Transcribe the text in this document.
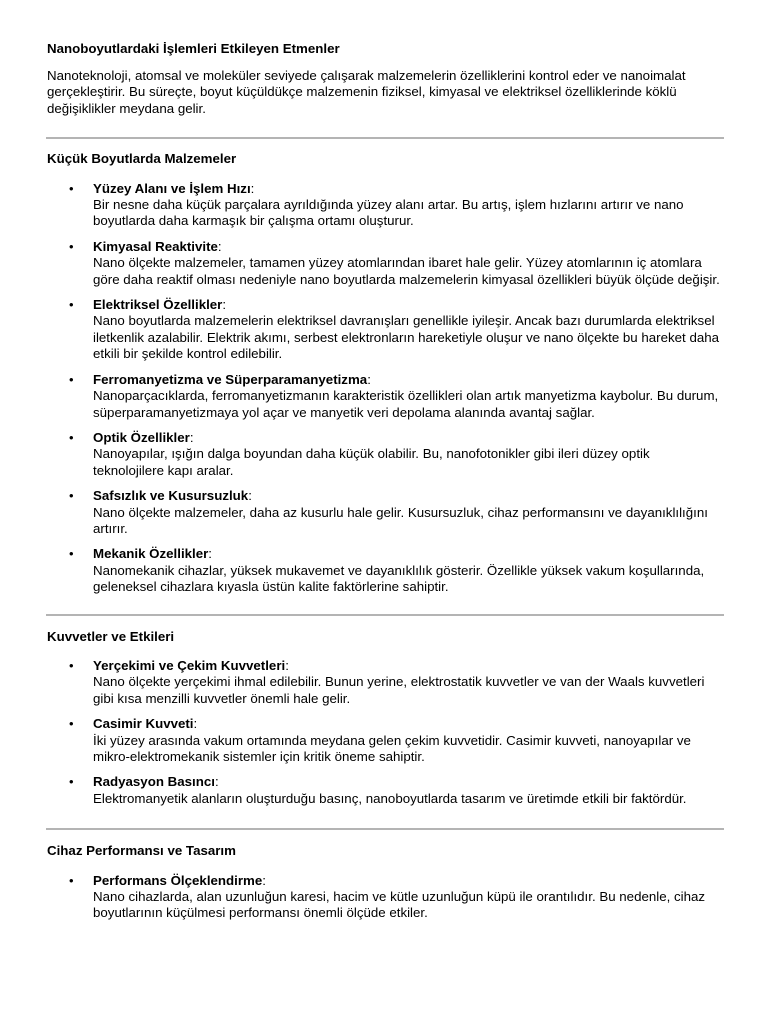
Nanoboyutlardaki İşlemleri Etkileyen Etmenler

Nanoteknoloji, atomsal ve moleküler seviyede çalışarak malzemelerin özelliklerini kontrol eder ve nanoimalat gerçekleştirir. Bu süreçte, boyut küçüldükçe malzemenin fiziksel, kimyasal ve elektriksel özelliklerinde köklü değişiklikler meydana gelir.

Küçük Boyutlarda Malzemeler

• Yüzey Alanı ve İşlem Hızı:
Bir nesne daha küçük parçalara ayrıldığında yüzey alanı artar. Bu artış, işlem hızlarını artırır ve nano boyutlarda daha karmaşık bir çalışma ortamı oluşturur.
• Kimyasal Reaktivite:
Nano ölçekte malzemeler, tamamen yüzey atomlarından ibaret hale gelir. Yüzey atomlarının iç atomlara göre daha reaktif olması nedeniyle nano boyutlarda malzemelerin kimyasal özellikleri büyük ölçüde değişir.
• Elektriksel Özellikler:
Nano boyutlarda malzemelerin elektriksel davranışları genellikle iyileşir. Ancak bazı durumlarda elektriksel iletkenlik azalabilir. Elektrik akımı, serbest elektronların hareketiyle oluşur ve nano ölçekte bu hareket daha etkili bir şekilde kontrol edilebilir.
• Ferromanyetizma ve Süperparamanyetizma:
Nanoparçacıklarda, ferromanyetizmanın karakteristik özellikleri olan artık manyetizma kaybolur. Bu durum, süperparamanyetizmaya yol açar ve manyetik veri depolama alanında avantaj sağlar.
• Optik Özellikler:
Nanoyapılar, ışığın dalga boyundan daha küçük olabilir. Bu, nanofotonikler gibi ileri düzey optik teknolojilere kapı aralar.
• Safsızlık ve Kusursuzluk:
Nano ölçekte malzemeler, daha az kusurlu hale gelir. Kusursuzluk, cihaz performansını ve dayanıklılığını artırır.
• Mekanik Özellikler:
Nanomekanik cihazlar, yüksek mukavemet ve dayanıklılık gösterir. Özellikle yüksek vakum koşullarında, geleneksel cihazlara kıyasla üstün kalite faktörlerine sahiptir.

Kuvvetler ve Etkileri

• Yerçekimi ve Çekim Kuvvetleri:
Nano ölçekte yerçekimi ihmal edilebilir. Bunun yerine, elektrostatik kuvvetler ve van der Waals kuvvetleri gibi kısa menzilli kuvvetler önemli hale gelir.
• Casimir Kuvveti:
İki yüzey arasında vakum ortamında meydana gelen çekim kuvvetidir. Casimir kuvveti, nanoyapılar ve mikro-elektromekanik sistemler için kritik öneme sahiptir.
• Radyasyon Basıncı:
Elektromanyetik alanların oluşturduğu basınç, nanoboyutlarda tasarım ve üretimde etkili bir faktördür.

Cihaz Performansı ve Tasarım

• Performans Ölçeklendirme:
Nano cihazlarda, alan uzunluğun karesi, hacim ve kütle uzunluğun küpü ile orantılıdır. Bu nedenle, cihaz boyutlarının küçülmesi performansı önemli ölçüde etkiler.
